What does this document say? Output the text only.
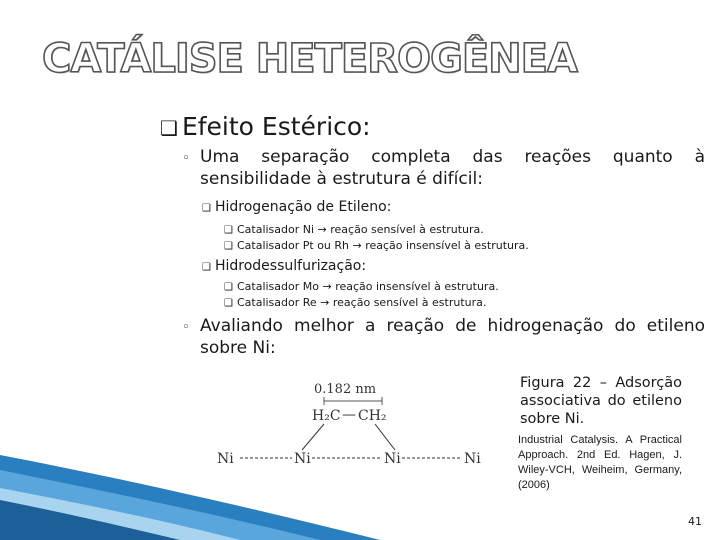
CATÁLISE HETEROGÊNEA
❑ Efeito Estérico:
◦ Uma separação completa das reações quanto à sensibilidade à estrutura é difícil:
❑ Hidrogenação de Etileno:
❑ Catalisador Ni → reação sensível à estrutura.
❑ Catalisador Pt ou Rh → reação insensível à estrutura.
❑ Hidrodessulfurização:
❑ Catalisador Mo → reação insensível à estrutura.
❑ Catalisador Re → reação sensível à estrutura.
◦ Avaliando melhor a reação de hidrogenação do etileno sobre Ni:
0.182 nm
H₂C — CH₂
Ni	Ni	Ni	Ni
Figura 22 – Adsorção associativa do etileno sobre Ni.
Industrial Catalysis. A Practical Approach. 2nd Ed. Hagen, J. Wiley-VCH, Weiheim, Germany, (2006)
41
